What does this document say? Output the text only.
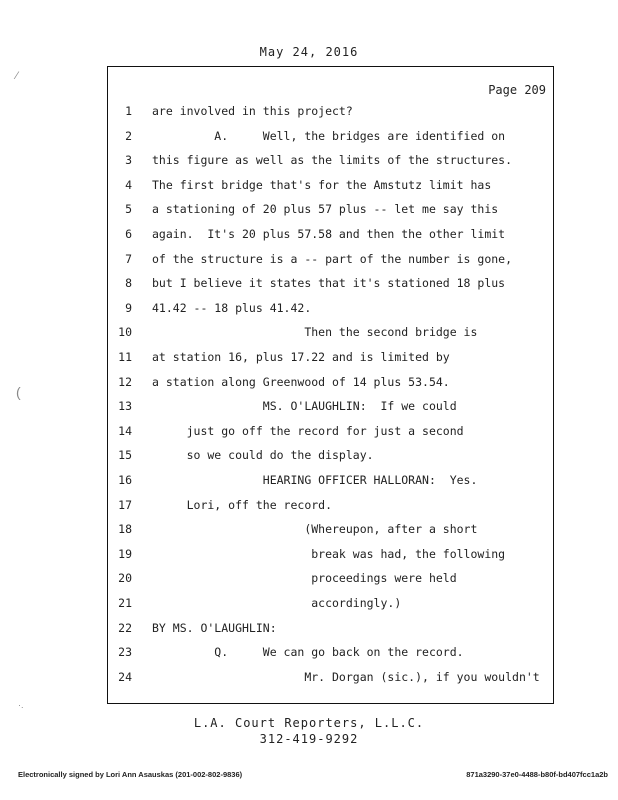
May 24, 2016
Page 209
1 are involved in this project?
2 A.     Well, the bridges are identified on
3 this figure as well as the limits of the structures.
4 The first bridge that's for the Amstutz limit has
5 a stationing of 20 plus 57 plus -- let me say this
6 again.  It's 20 plus 57.58 and then the other limit
7 of the structure is a -- part of the number is gone,
8 but I believe it states that it's stationed 18 plus
9 41.42 -- 18 plus 41.42.
10 Then the second bridge is
11 at station 16, plus 17.22 and is limited by
12 a station along Greenwood of 14 plus 53.54.
13 MS. O'LAUGHLIN:  If we could
14 just go off the record for just a second
15 so we could do the display.
16 HEARING OFFICER HALLORAN:  Yes.
17 Lori, off the record.
18 (Whereupon, after a short
19 break was had, the following
20 proceedings were held
21 accordingly.)
22 BY MS. O'LAUGHLIN:
23 Q.     We can go back on the record.
24 Mr. Dorgan (sic.), if you wouldn't
L.A. Court Reporters, L.L.C.
312-419-9292
Electronically signed by Lori Ann Asauskas (201-002-802-9836)	871a3290-37e0-4488-b80f-bd407fcc1a2b
⁄
(
·.
